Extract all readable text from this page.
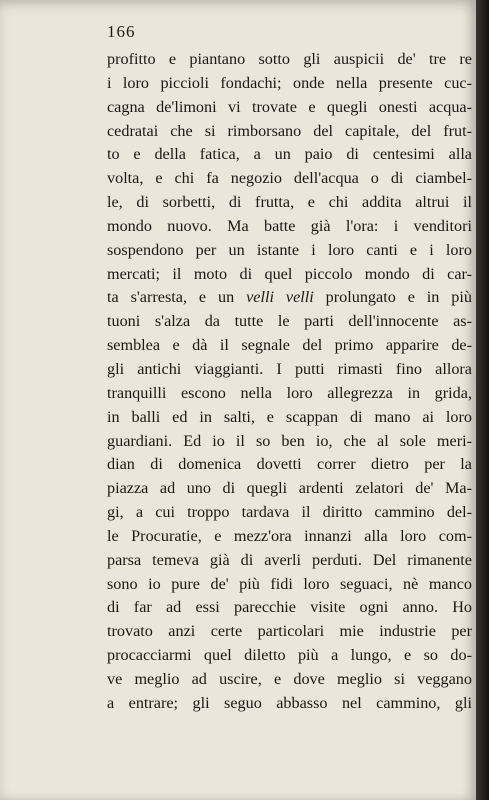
166
profitto e piantano sotto gli auspicii de' tre re
i loro piccioli fondachi; onde nella presente cuc-
cagna de'limoni vi trovate e quegli onesti acqua-
cedratai che si rimborsano del capitale, del frut-
to e della fatica, a un paio di centesimi alla
volta, e chi fa negozio dell'acqua o di ciambel-
le, di sorbetti, di frutta, e chi addita altrui il
mondo nuovo. Ma batte già l'ora: i venditori
sospendono per un istante i loro canti e i loro
mercati; il moto di quel piccolo mondo di car-
ta s'arresta, e un velli velli prolungato e in più
tuoni s'alza da tutte le parti dell'innocente as-
semblea e dà il segnale del primo apparire de-
gli antichi viaggianti. I putti rimasti fino allora
tranquilli escono nella loro allegrezza in grida,
in balli ed in salti, e scappan di mano ai loro
guardiani. Ed io il so ben io, che al sole meri-
dian di domenica dovetti correr dietro per la
piazza ad uno di quegli ardenti zelatori de' Ma-
gi, a cui troppo tardava il diritto cammino del-
le Procuratie, e mezz'ora innanzi alla loro com-
parsa temeva già di averli perduti. Del rimanente
sono io pure de' più fidi loro seguaci, nè manco
di far ad essi parecchie visite ogni anno. Ho
trovato anzi certe particolari mie industrie per
procacciarmi quel diletto più a lungo, e so do-
ve meglio ad uscire, e dove meglio si veggano
a entrare; gli seguo abbasso nel cammino, gli
